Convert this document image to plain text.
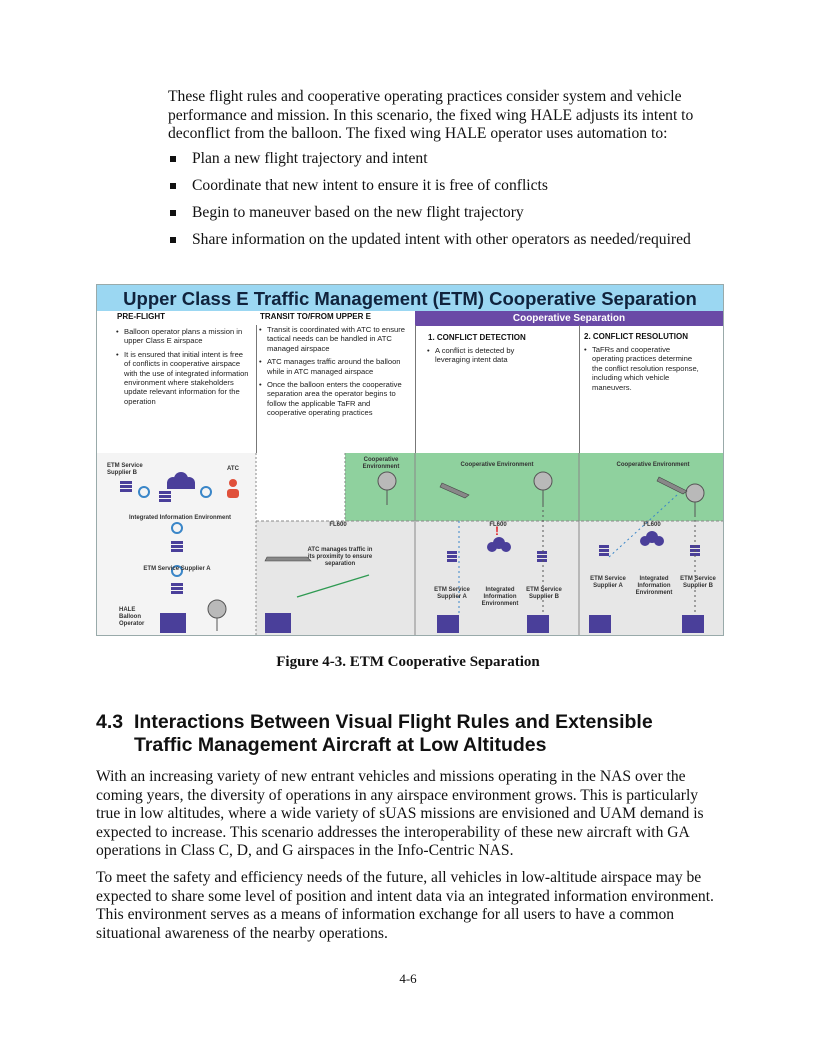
These flight rules and cooperative operating practices consider system and vehicle performance and mission. In this scenario, the fixed wing HALE adjusts its intent to deconflict from the balloon. The fixed wing HALE operator uses automation to:

Plan a new flight trajectory and intent
Coordinate that new intent to ensure it is free of conflicts
Begin to maneuver based on the new flight trajectory
Share information on the updated intent with other operators as needed/required
Upper Class E Traffic Management (ETM) Cooperative Separation
PRE-FLIGHT	TRANSIT TO/FROM UPPER E	Cooperative Separation
• Balloon operator plans a mission in upper Class E airspace
• It is ensured that initial intent is free of conflicts in cooperative airspace with the use of integrated information environment where stakeholders update relevant information for the operation
• Transit is coordinated with ATC to ensure tactical needs can be handled in ATC managed airspace
• ATC manages traffic around the balloon while in ATC managed airspace
• Once the balloon enters the cooperative separation area the operator begins to follow the applicable TaFR and cooperative operating practices
1. CONFLICT DETECTION
• A conflict is detected by leveraging intent data
2. CONFLICT RESOLUTION
• TaFRs and cooperative operating practices determine the conflict resolution response, including which vehicle maneuvers.
!
ETM Service Supplier B
ATC
Integrated Information Environment
ETM Service Supplier A
HALE Balloon Operator
Cooperative Environment	Cooperative Environment	Cooperative Environment
FL600	FL600	FL600
ATC manages traffic in its proximity to ensure separation
ETM Service Supplier A
Integrated Information Environment
ETM Service Supplier B
ETM Service Supplier A
Integrated Information Environment
ETM Service Supplier B
Figure 4-3. ETM Cooperative Separation
4.3 Interactions Between Visual Flight Rules and Extensible Traffic Management Aircraft at Low Altitudes

With an increasing variety of new entrant vehicles and missions operating in the NAS over the coming years, the diversity of operations in any airspace environment grows. This is particularly true in low altitudes, where a wide variety of sUAS missions are envisioned and UAM demand is expected to increase. This scenario addresses the interoperability of these new aircraft with GA operations in Class C, D, and G airspaces in the Info-Centric NAS.

To meet the safety and efficiency needs of the future, all vehicles in low-altitude airspace may be expected to share some level of position and intent data via an integrated information environment. This environment serves as a means of information exchange for all users to have a common situational awareness of the nearby operations.

4-6
